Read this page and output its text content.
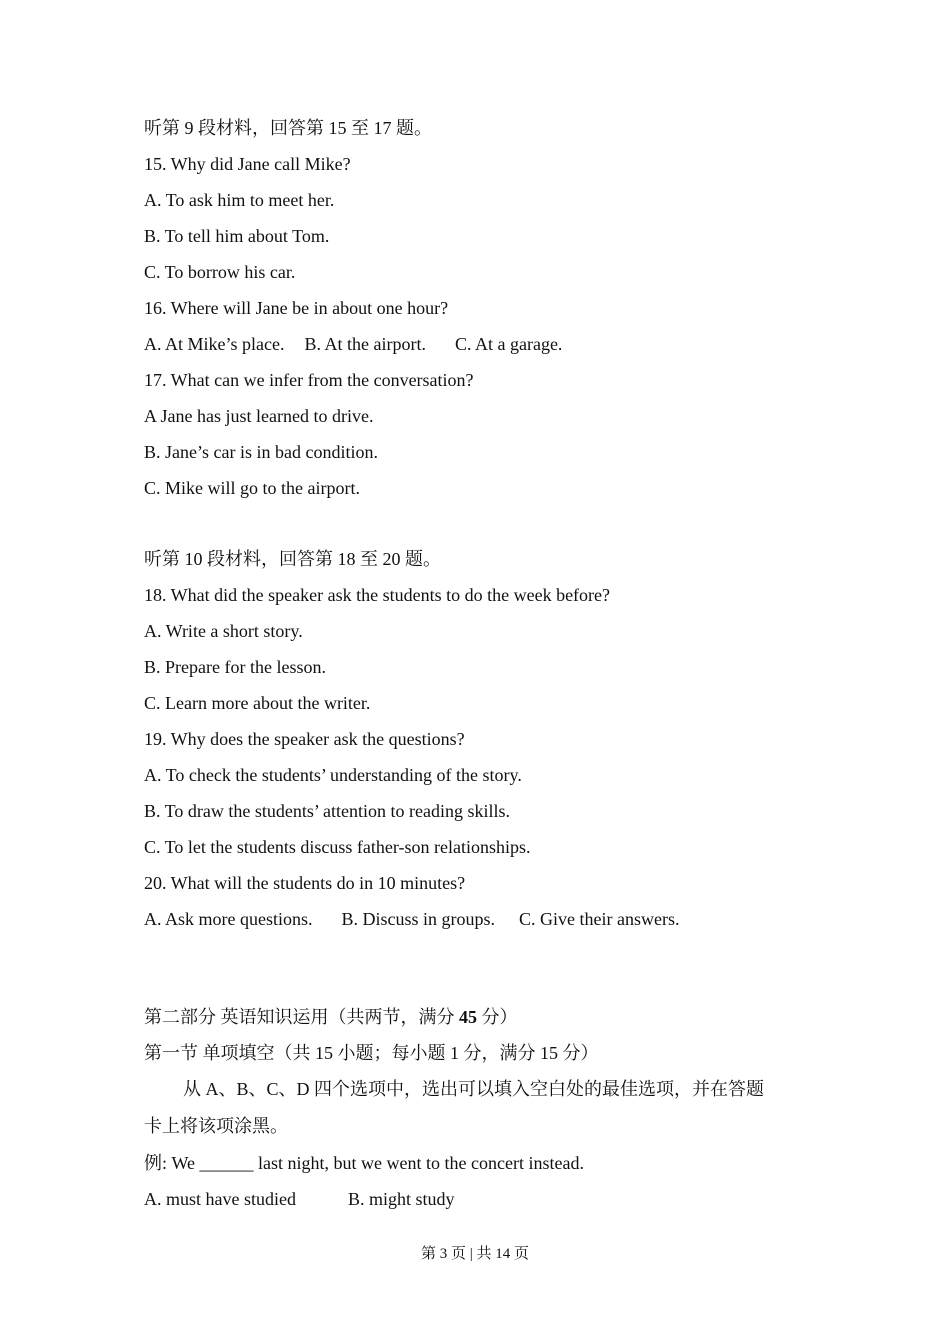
听第 9 段材料，回答第 15 至 17 题。
15. Why did Jane call Mike?
A. To ask him to meet her.
B. To tell him about Tom.
C. To borrow his car.
16. Where will Jane be in about one hour?
A. At Mike’s place. B. At the airport. C. At a garage.
17. What can we infer from the conversation?
A Jane has just learned to drive.
B. Jane’s car is in bad condition.
C. Mike will go to the airport.
听第 10 段材料，回答第 18 至 20 题。
18. What did the speaker ask the students to do the week before?
A. Write a short story.
B. Prepare for the lesson.
C. Learn more about the writer.
19. Why does the speaker ask the questions?
A. To check the students’ understanding of the story.
B. To draw the students’ attention to reading skills.
C. To let the students discuss father-son relationships.
20. What will the students do in 10 minutes?
A. Ask more questions. B. Discuss in groups. C. Give their answers.
第二部分 英语知识运用（共两节，满分 45 分）
第一节 单项填空（共 15 小题；每小题 1 分，满分 15 分）
从 A、B、C、D 四个选项中，选出可以填入空白处的最佳选项，并在答题
卡上将该项涂黑。
例: We ______ last night, but we went to the concert instead.
A. must have studied	B. might study
第 3 页 | 共 14 页
